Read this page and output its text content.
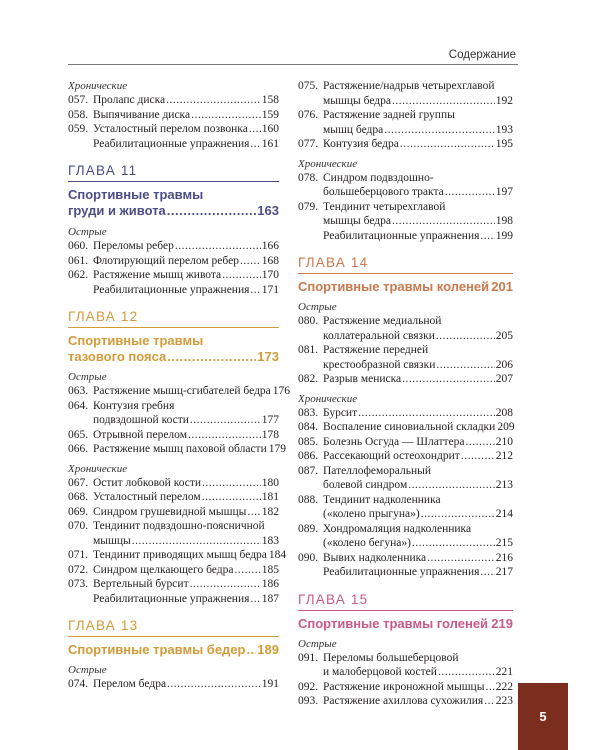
Содержание
Хронические
057. Пролапс диска .....	158
058. Выпячивание диска .....	159
059. Усталостный перелом позвонка ..... 160
Реабилитационные упражнения ..... 161
ГЛАВА 11
Спортивные травмы
груди и живота .....	163
Острые
060. Переломы ребер .....	166
061. Флотирующий перелом ребер ..... 168
062. Растяжение мышц живота .....	170
Реабилитационные упражнения ..... 171
ГЛАВА 12
Спортивные травмы
тазового пояса .....	173
Острые
063. Растяжение мышц-сгибателей бедра 176
064. Контузия гребня
подвздошной кости .....	177
065. Отрывной перелом .....	178
066. Растяжение мышц паховой области 179
Хронические
067. Остит лобковой кости .....	180
068. Усталостный перелом .....	181
069. Синдром грушевидной мышцы ..... 182
070. Тендинит подвздошно-поясничной
мышцы .....	183
071. Тендинит приводящих мышц бедра 184
072. Синдром щелкающего бедра ..... 185
073. Вертельный бурсит .....	186
Реабилитационные упражнения ..... 187
ГЛАВА 13
Спортивные травмы бедер ..... 189
Острые
074. Перелом бедра .....	191
075. Растяжение/надрыв четырехглавой
мышцы бедра .....	192
076. Растяжение задней группы
мышц бедра .....	193
077. Контузия бедра .....	195
Хронические
078. Синдром подвздошно-
большеберцового тракта .....	197
079. Тендинит четырехглавой
мышцы бедра .....	198
Реабилитационные упражнения ..... 199
ГЛАВА 14
Спортивные травмы коленей ..... 201
Острые
080. Растяжение медиальной
коллатеральной связки .....	205
081. Растяжение передней
крестообразной связки .....	206
082. Разрыв мениска .....	207
Хронические
083. Бурсит .....	208
084. Воспаление синовиальной складки 209
085. Болезнь Осгуда — Шлаттера .....	210
086. Рассекающий остеохондрит .....	212
087. Пателлофеморальный
болевой синдром .....	213
088. Тендинит надколенника
(«колено прыгуна») .....	214
089. Хондромаляция надколенника
(«колено бегуна») .....	215
090. Вывих надколенника .....	216
Реабилитационные упражнения ..... 217
ГЛАВА 15
Спортивные травмы голеней ..... 219
Острые
091. Переломы большеберцовой
и малоберцовой костей .....	221
092. Растяжение икроножной мышцы ..... 222
093. Растяжение ахиллова сухожилия ..... 223
5
